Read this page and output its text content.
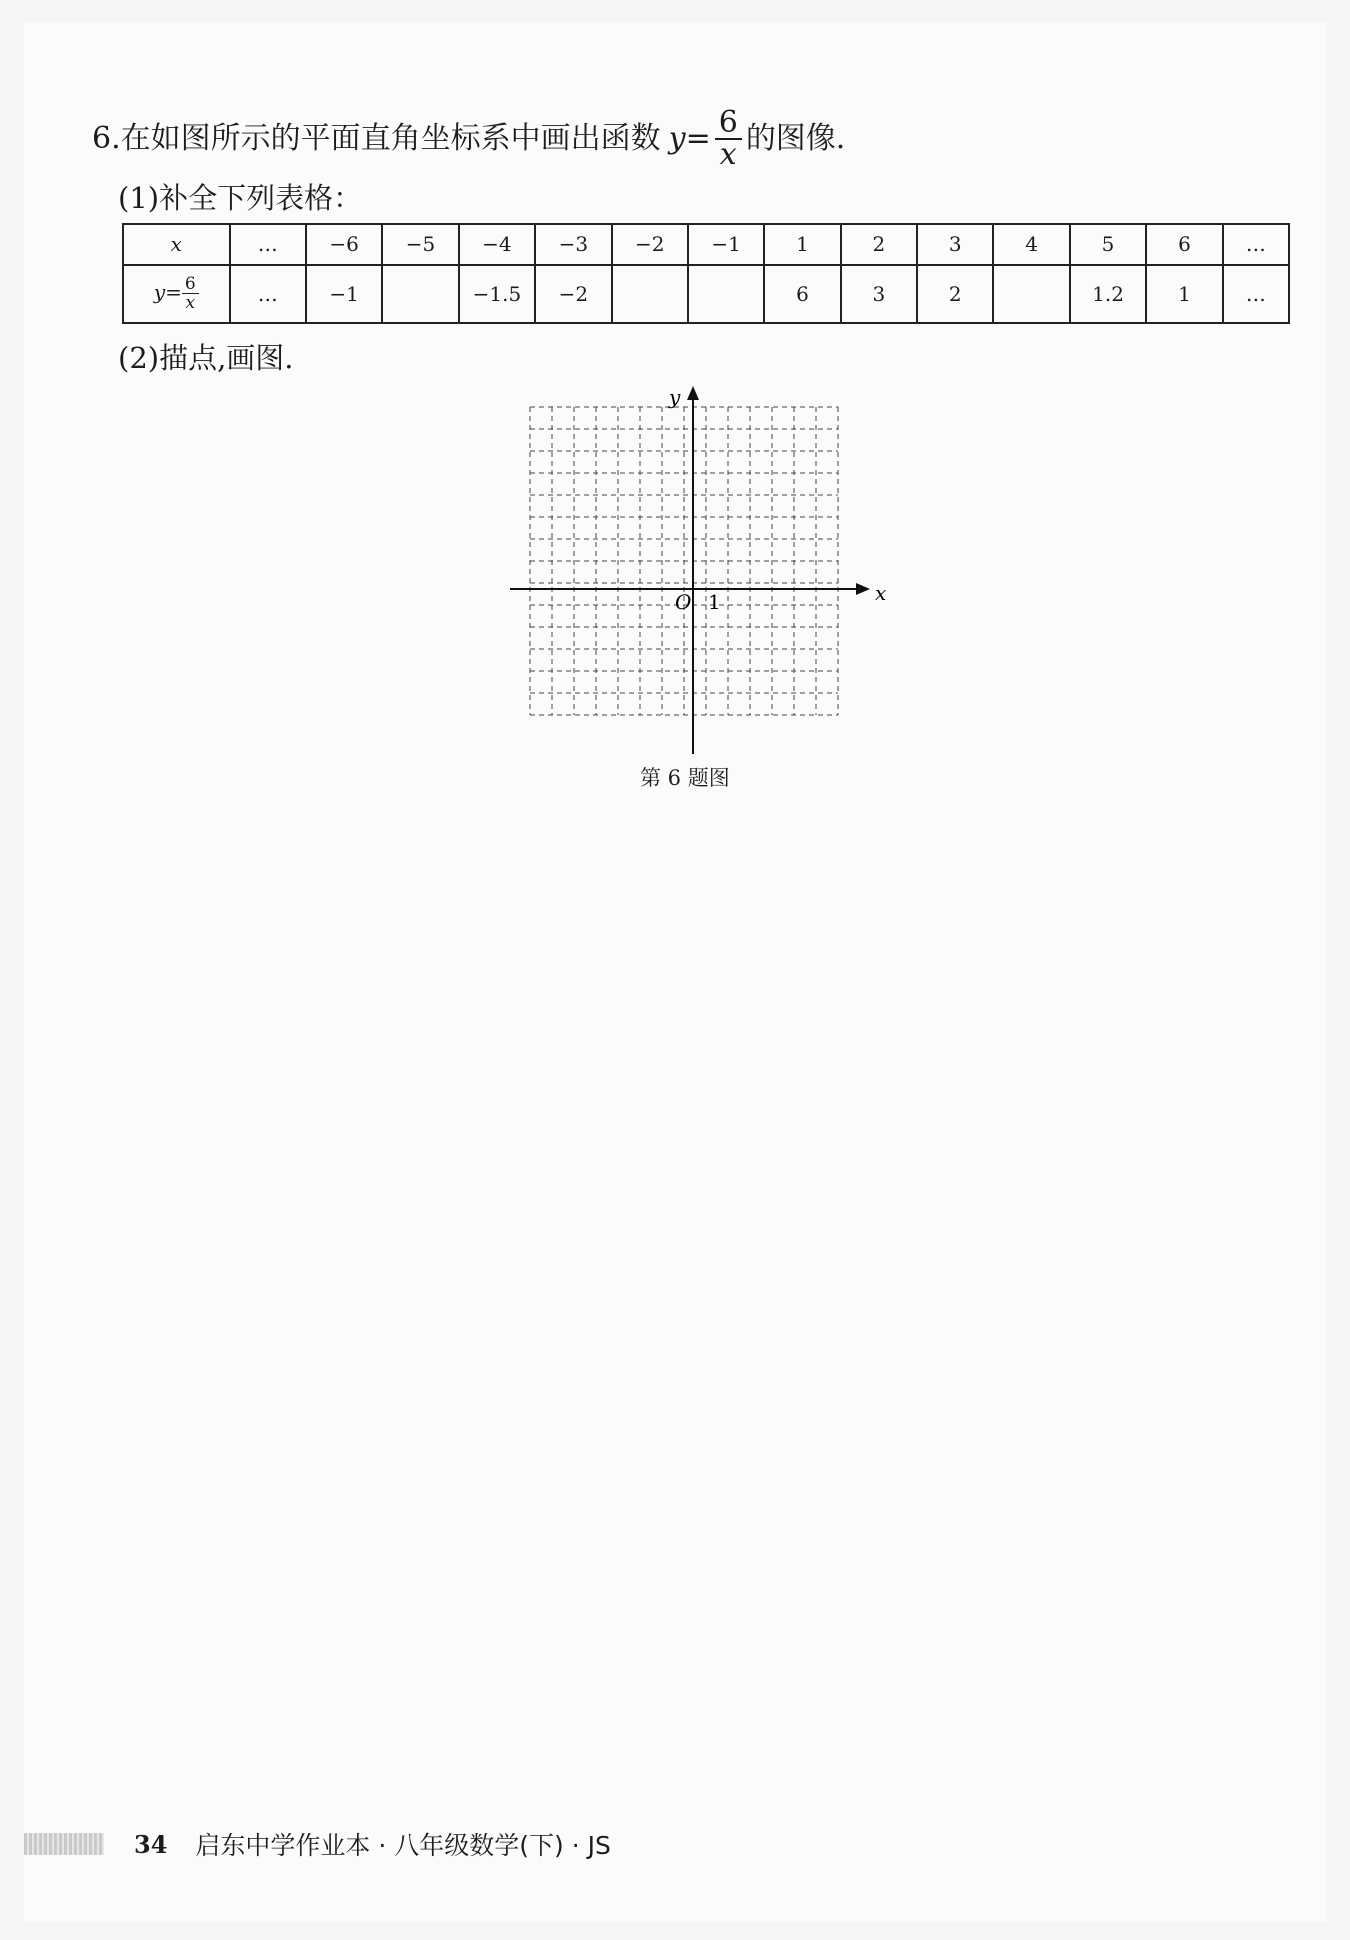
6. 在如图所示的平面直角坐标系中画出函数 $y = \frac{6}{x}$ 的图像.
(1)补全下列表格：
x	…	−6	−5	−4	−3	−2	−1	1	2	3	4	5	6	…
$y= \frac{6}{x}$	…	−1		−1.5	−2			6	3	2		1.2	1	…
(2)描点,画图.
x
y
O 1
第 6 题图
34 启东中学作业本 · 八年级数学(下) · JS
